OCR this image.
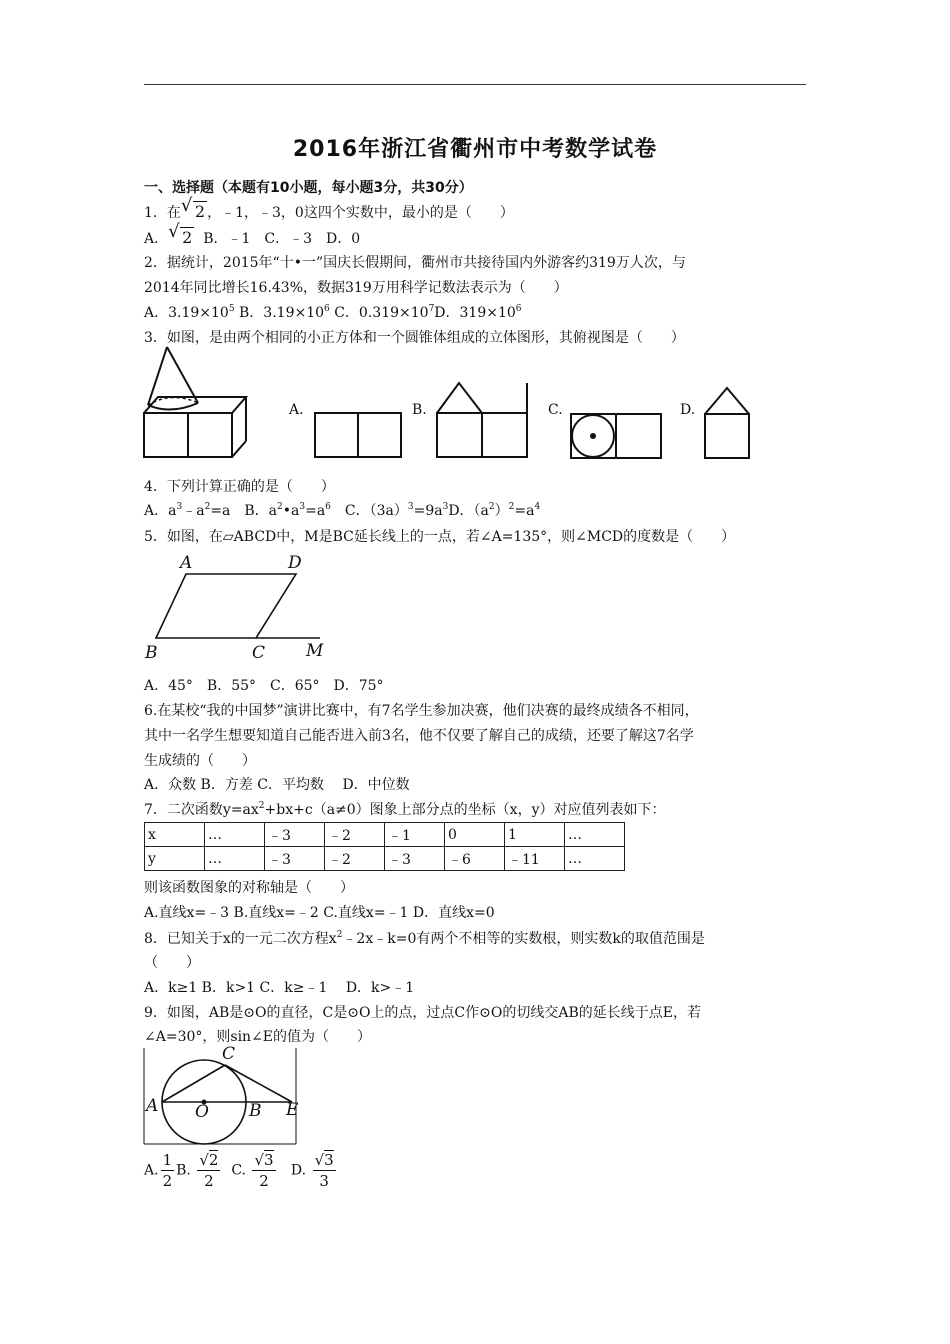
2016年浙江省衢州市中考数学试卷
一、选择题（本题有10小题，每小题3分，共30分）
1．在 √ 2 ，﹣1，﹣3，0这四个实数中，最小的是（　　）
A． √ 2 B．﹣1　C．﹣3　D．0
2．据统计，2015年“十•一”国庆长假期间，衢州市共接待国内外游客约319万人次，与
2014年同比增长16.43%，数据319万用科学记数法表示为（　　）
A．$3.19\times 10^5$ B．$3.19\times 10^6$ C．$0.319\times 10^7D$．$319\times 10^6$
3．如图，是由两个相同的小正方体和一个圆锥体组成的立体图形，其俯视图是（　　）
A.	B.	C.	D.
4．下列计算正确的是（　　）
A．$a^3﹣a^2=a$　B．$a^2•a^3=a^6$　C．$(3a)^3=9a^3D$．$(a^2)^2=a^4$
5．如图，在▱ABCD中，M是BC延长线上的一点，若∠A=135°，则∠MCD的度数是（　　）
A	D
B	C M
A．45°　B．55°　C．65°　D．75°
6.在某校“我的中国梦”演讲比赛中，有7名学生参加决赛，他们决赛的最终成绩各不相同，
其中一名学生想要知道自己能否进入前3名，他不仅要了解自己的成绩，还要了解这7名学
生成绩的（　　）
A．众数 B．方差 C．平均数　 D．中位数
7．二次函数$y=ax^2+bx+c(a\ne 0)$图象上部分点的坐标（x，y）对应值列表如下：
x	…	﹣3	﹣2	﹣1	0	1	…
y	…	﹣3	﹣2	﹣3	﹣6	﹣11	…
则该函数图象的对称轴是（　　）
A.直线x=﹣3 B.直线x=﹣2 C.直线x=﹣1 D．直线x=0
8．已知关于x的一元二次方程$x^2﹣2x﹣k=0$有两个不相等的实数根，则实数k的取值范围是
（　　）
A．k≥1 B．k>1 C．k≥﹣1　 D．k>﹣1
9．如图，AB是⊙O的直径，C是⊙O上的点，过点C作⊙O的切线交AB的延长线于点E，若
∠A=30°，则sin∠E的值为（　　）
A O B E
C
A. $\frac{1}{2} B$. $\frac{√2}{2} C$. $\frac{√3}{2} D$. $\frac{√3}{3}$
